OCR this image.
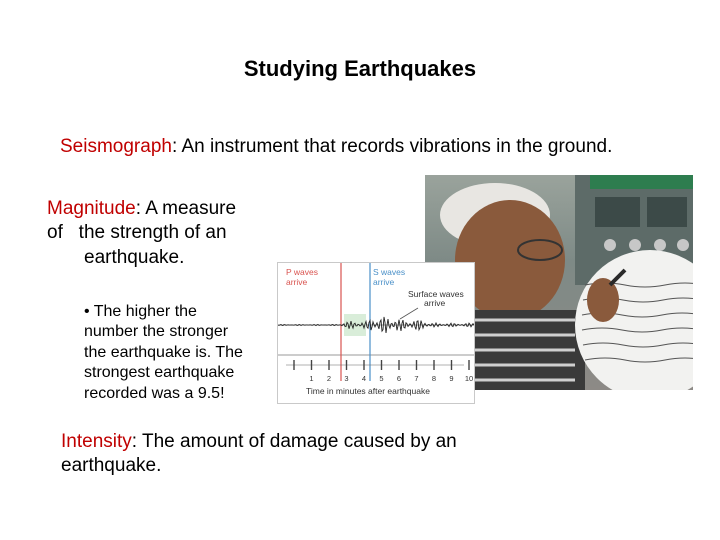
Studying Earthquakes
Seismograph: An instrument that records vibrations in the ground.
Magnitude: A measure
of   the strength of an
earthquake.
• The higher the
number the stronger
the earthquake is. The
strongest earthquake
recorded was a 9.5!
P waves
arrive
S waves
arrive
Surface waves
arrive
1 2 3 4 5 6 7 8 9 10
Time in minutes after earthquake
Intensity: The amount of damage caused by an
earthquake.
